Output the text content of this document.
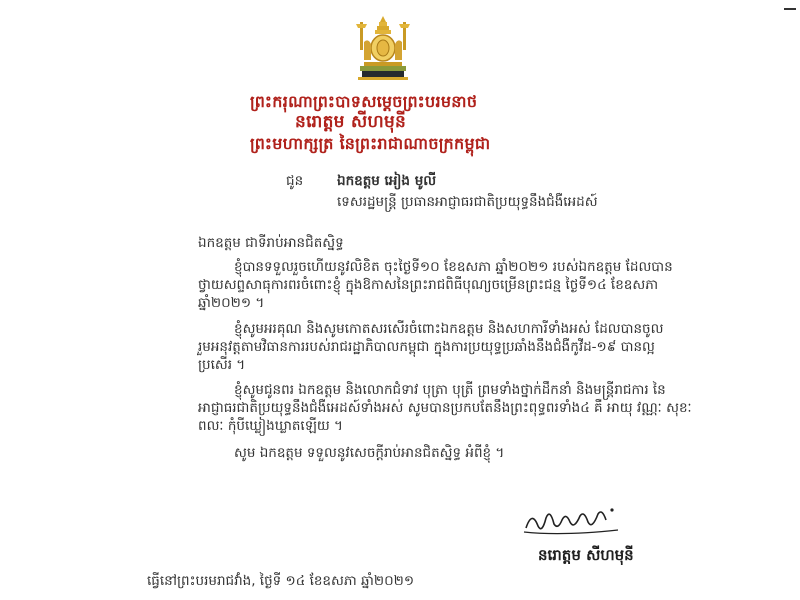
ព្រះករុណាព្រះបាទសម្ដេចព្រះបរមនាថ
នរោត្ដម សីហមុនី
ព្រះមហាក្សត្រ នៃព្រះរាជាណាចក្រកម្ពុជា
ជូន	ឯកឧត្តម អៀង មូលី
ទេសរដ្ឋមន្ត្រី ប្រធានអាជ្ញាធរជាតិប្រយុទ្ធនឹងជំងឺអេដស៍
ឯកឧត្តម ជាទីរាប់អានជិតស្និទ្ធ
ខ្ញុំបានទទួលរួចហើយនូវលិខិត ចុះថ្ងៃទី១០ ខែឧសភា ឆ្នាំ២០២១ របស់ឯកឧត្តម ដែលបាន
ថ្វាយសព្ទសាធុការពរចំពោះខ្ញុំ ក្នុងឱកាសនៃព្រះរាជពិធីបុណ្យចម្រើនព្រះជន្ម ថ្ងៃទី១៤ ខែឧសភា
ឆ្នាំ២០២១ ។
ខ្ញុំសូមអរគុណ និងសូមកោតសរសើរចំពោះឯកឧត្តម និងសហការីទាំងអស់ ដែលបានចូល
រួមអនុវត្តតាមវិធានការរបស់រាជរដ្ឋាភិបាលកម្ពុជា ក្នុងការប្រយុទ្ធប្រឆាំងនឹងជំងឺកូវីដ-១៩ បានល្អ
ប្រសើរ ។
ខ្ញុំសូមជូនពរ ឯកឧត្តម និងលោកជំទាវ បុត្រា បុត្រី ព្រមទាំងថ្នាក់ដឹកនាំ និងមន្ត្រីរាជការ នៃ
អាជ្ញាធរជាតិប្រយុទ្ធនឹងជំងឺអេដស៍ទាំងអស់ សូមបានប្រកបតែនឹងព្រះពុទ្ធពរទាំង៤ គឺ អាយុ វណ្ណៈ សុខៈ
ពលៈ កុំបីឃ្លៀងឃ្លាតឡើយ ។
សូម ឯកឧត្តម ទទួលនូវសេចក្តីរាប់អានជិតស្និទ្ធ អំពីខ្ញុំ ។
នរោត្ដម សីហមុនី
ធ្វើនៅព្រះបរមរាជវាំង, ថ្ងៃទី ១៤ ខែឧសភា ឆ្នាំ២០២១
